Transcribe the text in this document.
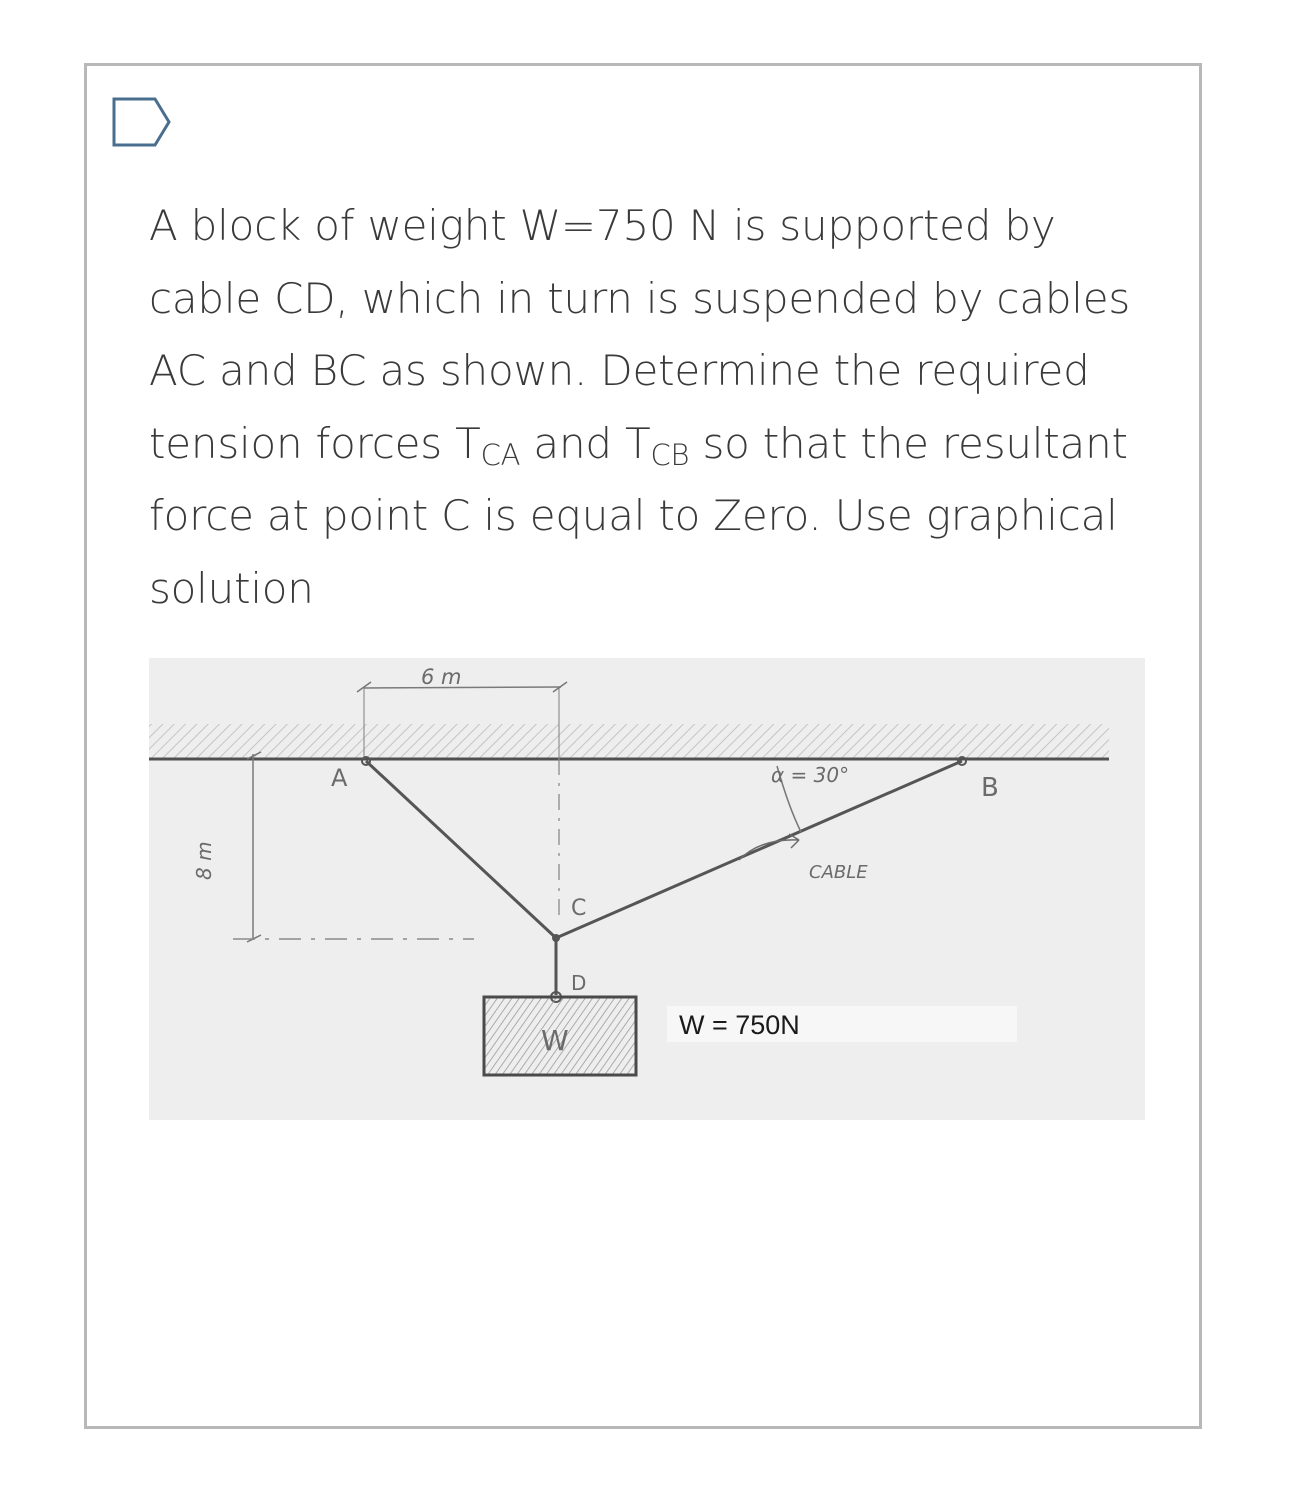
A block of weight W=750 N is supported by
cable CD, which in turn is suspended by cables
AC and BC as shown. Determine the required
tension forces $T_{CA}$ and $T_{CB}$ so that the resultant
force at point C is equal to Zero. Use graphical
solution
6 m
8 m
A	B
C
D
α = 30°
CABLE
W	W = 750N
